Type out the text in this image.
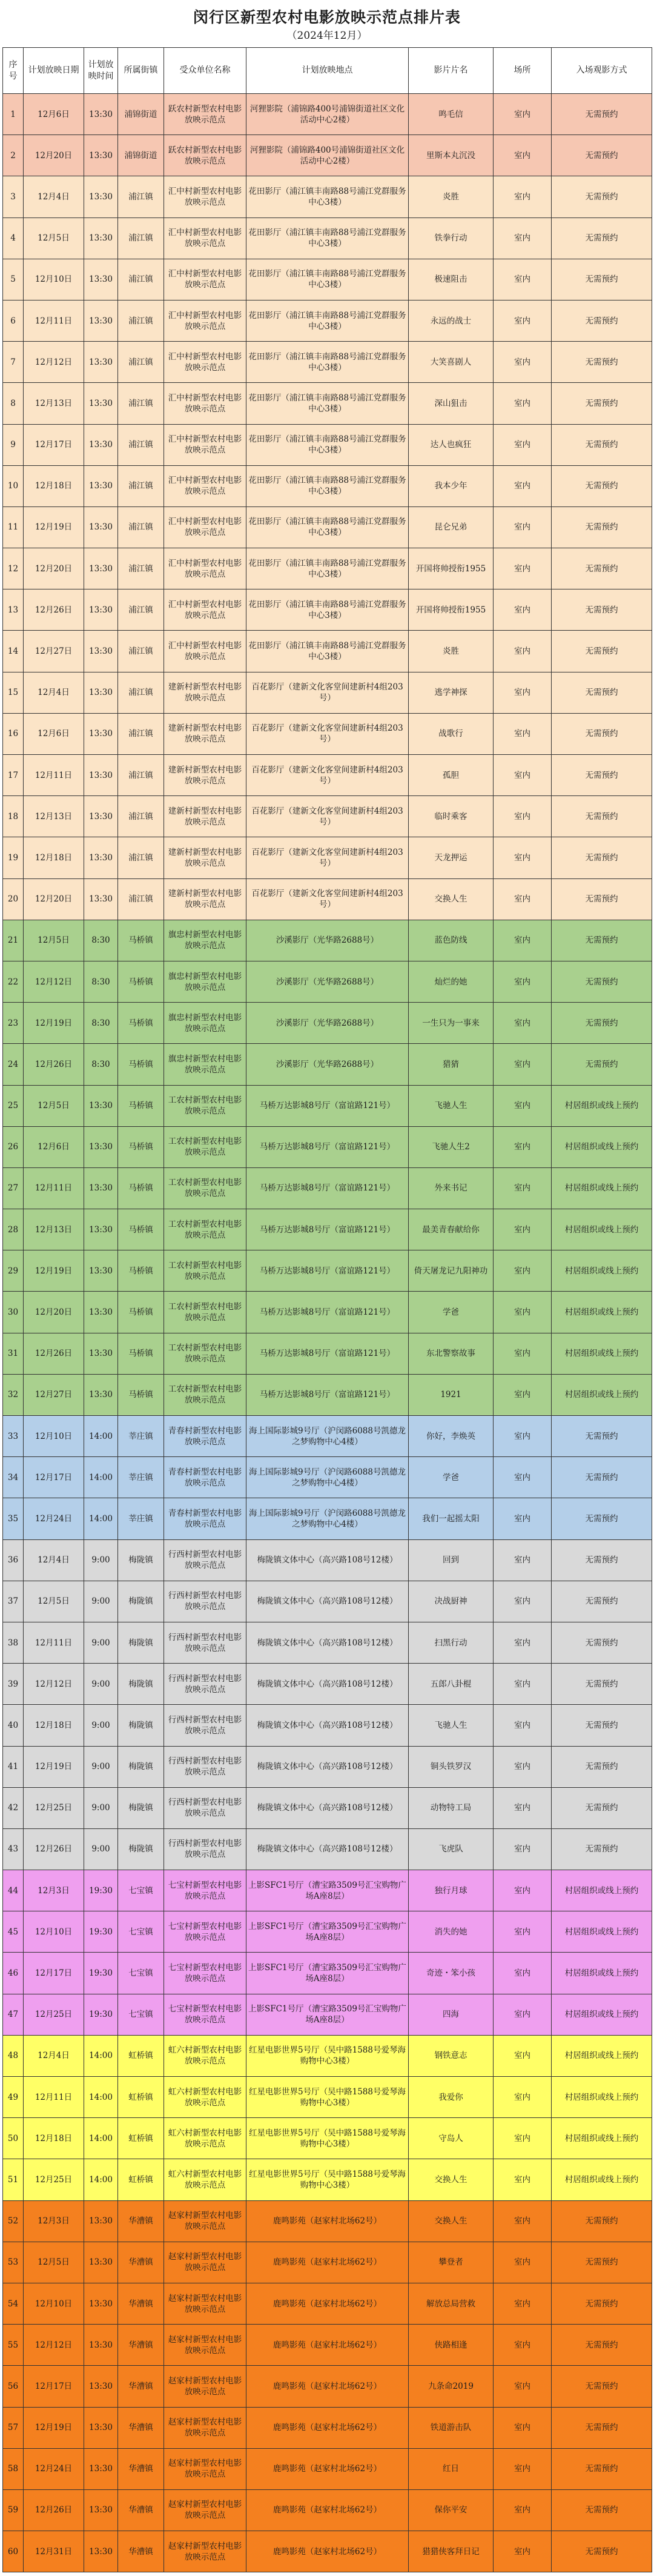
闵行区新型农村电影放映示范点排片表
（2024年12月）
序号	计划放映日期	计划放映时间	所属街镇	受众单位名称	计划放映地点	影片片名	场所	入场观影方式
1	12月6日	13:30	浦锦街道	跃农村新型农村电影放映示范点	河狸影院（浦锦路400号浦锦街道社区文化活动中心2楼）	鸣毛信	室内	无需预约
2	12月20日	13:30	浦锦街道	跃农村新型农村电影放映示范点	河狸影院（浦锦路400号浦锦街道社区文化活动中心2楼）	里斯本丸沉没	室内	无需预约
3	12月4日	13:30	浦江镇	汇中村新型农村电影放映示范点	花田影厅（浦江镇丰南路88号浦江党群服务中心3楼）	炎胜	室内	无需预约
4	12月5日	13:30	浦江镇	汇中村新型农村电影放映示范点	花田影厅（浦江镇丰南路88号浦江党群服务中心3楼）	铁拳行动	室内	无需预约
5	12月10日	13:30	浦江镇	汇中村新型农村电影放映示范点	花田影厅（浦江镇丰南路88号浦江党群服务中心3楼）	极速阻击	室内	无需预约
6	12月11日	13:30	浦江镇	汇中村新型农村电影放映示范点	花田影厅（浦江镇丰南路88号浦江党群服务中心3楼）	永远的战士	室内	无需预约
7	12月12日	13:30	浦江镇	汇中村新型农村电影放映示范点	花田影厅（浦江镇丰南路88号浦江党群服务中心3楼）	大笑喜剧人	室内	无需预约
8	12月13日	13:30	浦江镇	汇中村新型农村电影放映示范点	花田影厅（浦江镇丰南路88号浦江党群服务中心3楼）	深山狙击	室内	无需预约
9	12月17日	13:30	浦江镇	汇中村新型农村电影放映示范点	花田影厅（浦江镇丰南路88号浦江党群服务中心3楼）	达人也疯狂	室内	无需预约
10	12月18日	13:30	浦江镇	汇中村新型农村电影放映示范点	花田影厅（浦江镇丰南路88号浦江党群服务中心3楼）	我本少年	室内	无需预约
11	12月19日	13:30	浦江镇	汇中村新型农村电影放映示范点	花田影厅（浦江镇丰南路88号浦江党群服务中心3楼）	昆仑兄弟	室内	无需预约
12	12月20日	13:30	浦江镇	汇中村新型农村电影放映示范点	花田影厅（浦江镇丰南路88号浦江党群服务中心3楼）	开国将帅授衔1955	室内	无需预约
13	12月26日	13:30	浦江镇	汇中村新型农村电影放映示范点	花田影厅（浦江镇丰南路88号浦江党群服务中心3楼）	开国将帅授衔1955	室内	无需预约
14	12月27日	13:30	浦江镇	汇中村新型农村电影放映示范点	花田影厅（浦江镇丰南路88号浦江党群服务中心3楼）	炎胜	室内	无需预约
15	12月4日	13:30	浦江镇	建新村新型农村电影放映示范点	百花影厅（建新文化客堂间建新村4组203号）	逃学神探	室内	无需预约
16	12月6日	13:30	浦江镇	建新村新型农村电影放映示范点	百花影厅（建新文化客堂间建新村4组203号）	战歌行	室内	无需预约
17	12月11日	13:30	浦江镇	建新村新型农村电影放映示范点	百花影厅（建新文化客堂间建新村4组203号）	孤胆	室内	无需预约
18	12月13日	13:30	浦江镇	建新村新型农村电影放映示范点	百花影厅（建新文化客堂间建新村4组203号）	临时乘客	室内	无需预约
19	12月18日	13:30	浦江镇	建新村新型农村电影放映示范点	百花影厅（建新文化客堂间建新村4组203号）	天龙押运	室内	无需预约
20	12月20日	13:30	浦江镇	建新村新型农村电影放映示范点	百花影厅（建新文化客堂间建新村4组203号）	交换人生	室内	无需预约
21	12月5日	8:30	马桥镇	旗忠村新型农村电影放映示范点	沙溪影厅（光华路2688号）	蓝色防线	室内	无需预约
22	12月12日	8:30	马桥镇	旗忠村新型农村电影放映示范点	沙溪影厅（光华路2688号）	灿烂的她	室内	无需预约
23	12月19日	8:30	马桥镇	旗忠村新型农村电影放映示范点	沙溪影厅（光华路2688号）	一生只为一事来	室内	无需预约
24	12月26日	8:30	马桥镇	旗忠村新型农村电影放映示范点	沙溪影厅（光华路2688号）	猎猜	室内	无需预约
25	12月5日	13:30	马桥镇	工农村新型农村电影放映示范点	马桥万达影城8号厅（富谊路121号）	飞驰人生	室内	村居组织或线上预约
26	12月6日	13:30	马桥镇	工农村新型农村电影放映示范点	马桥万达影城8号厅（富谊路121号）	飞驰人生2	室内	村居组织或线上预约
27	12月11日	13:30	马桥镇	工农村新型农村电影放映示范点	马桥万达影城8号厅（富谊路121号）	外来书记	室内	村居组织或线上预约
28	12月13日	13:30	马桥镇	工农村新型农村电影放映示范点	马桥万达影城8号厅（富谊路121号）	最美青春献给你	室内	村居组织或线上预约
29	12月19日	13:30	马桥镇	工农村新型农村电影放映示范点	马桥万达影城8号厅（富谊路121号）	倚天屠龙记九阳神功	室内	村居组织或线上预约
30	12月20日	13:30	马桥镇	工农村新型农村电影放映示范点	马桥万达影城8号厅（富谊路121号）	学爸	室内	村居组织或线上预约
31	12月26日	13:30	马桥镇	工农村新型农村电影放映示范点	马桥万达影城8号厅（富谊路121号）	东北警察故事	室内	村居组织或线上预约
32	12月27日	13:30	马桥镇	工农村新型农村电影放映示范点	马桥万达影城8号厅（富谊路121号）	1921	室内	村居组织或线上预约
33	12月10日	14:00	莘庄镇	青春村新型农村电影放映示范点	海上国际影城9号厅（沪闵路6088号凯德龙之梦购物中心4楼）	你好，李焕英	室内	无需预约
34	12月17日	14:00	莘庄镇	青春村新型农村电影放映示范点	海上国际影城9号厅（沪闵路6088号凯德龙之梦购物中心4楼）	学爸	室内	无需预约
35	12月24日	14:00	莘庄镇	青春村新型农村电影放映示范点	海上国际影城9号厅（沪闵路6088号凯德龙之梦购物中心4楼）	我们一起摇太阳	室内	无需预约
36	12月4日	9:00	梅陇镇	行西村新型农村电影放映示范点	梅陇镇文体中心（高兴路108号12楼）	回到	室内	无需预约
37	12月5日	9:00	梅陇镇	行西村新型农村电影放映示范点	梅陇镇文体中心（高兴路108号12楼）	决战厨神	室内	无需预约
38	12月11日	9:00	梅陇镇	行西村新型农村电影放映示范点	梅陇镇文体中心（高兴路108号12楼）	扫黑行动	室内	无需预约
39	12月12日	9:00	梅陇镇	行西村新型农村电影放映示范点	梅陇镇文体中心（高兴路108号12楼）	五郎八卦棍	室内	无需预约
40	12月18日	9:00	梅陇镇	行西村新型农村电影放映示范点	梅陇镇文体中心（高兴路108号12楼）	飞驰人生	室内	无需预约
41	12月19日	9:00	梅陇镇	行西村新型农村电影放映示范点	梅陇镇文体中心（高兴路108号12楼）	铜头铁罗汉	室内	无需预约
42	12月25日	9:00	梅陇镇	行西村新型农村电影放映示范点	梅陇镇文体中心（高兴路108号12楼）	动物特工局	室内	无需预约
43	12月26日	9:00	梅陇镇	行西村新型农村电影放映示范点	梅陇镇文体中心（高兴路108号12楼）	飞虎队	室内	无需预约
44	12月3日	19:30	七宝镇	七宝村新型农村电影放映示范点	上影SFC1号厅（漕宝路3509号汇宝购物广场A座8层）	独行月球	室内	村居组织或线上预约
45	12月10日	19:30	七宝镇	七宝村新型农村电影放映示范点	上影SFC1号厅（漕宝路3509号汇宝购物广场A座8层）	消失的她	室内	村居组织或线上预约
46	12月17日	19:30	七宝镇	七宝村新型农村电影放映示范点	上影SFC1号厅（漕宝路3509号汇宝购物广场A座8层）	奇迹・笨小孩	室内	村居组织或线上预约
47	12月25日	19:30	七宝镇	七宝村新型农村电影放映示范点	上影SFC1号厅（漕宝路3509号汇宝购物广场A座8层）	四海	室内	村居组织或线上预约
48	12月4日	14:00	虹桥镇	虹六村新型农村电影放映示范点	红星电影世界5号厅（吴中路1588号爱琴海购物中心3楼）	钢铁意志	室内	村居组织或线上预约
49	12月11日	14:00	虹桥镇	虹六村新型农村电影放映示范点	红星电影世界5号厅（吴中路1588号爱琴海购物中心3楼）	我爱你	室内	村居组织或线上预约
50	12月18日	14:00	虹桥镇	虹六村新型农村电影放映示范点	红星电影世界5号厅（吴中路1588号爱琴海购物中心3楼）	守岛人	室内	村居组织或线上预约
51	12月25日	14:00	虹桥镇	虹六村新型农村电影放映示范点	红星电影世界5号厅（吴中路1588号爱琴海购物中心3楼）	交换人生	室内	村居组织或线上预约
52	12月3日	13:30	华漕镇	赵家村新型农村电影放映示范点	鹿鸣影苑（赵家村北场62号）	交换人生	室内	无需预约
53	12月5日	13:30	华漕镇	赵家村新型农村电影放映示范点	鹿鸣影苑（赵家村北场62号）	攀登者	室内	无需预约
54	12月10日	13:30	华漕镇	赵家村新型农村电影放映示范点	鹿鸣影苑（赵家村北场62号）	解放总局营救	室内	无需预约
55	12月12日	13:30	华漕镇	赵家村新型农村电影放映示范点	鹿鸣影苑（赵家村北场62号）	侠路相逢	室内	无需预约
56	12月17日	13:30	华漕镇	赵家村新型农村电影放映示范点	鹿鸣影苑（赵家村北场62号）	九条命2019	室内	无需预约
57	12月19日	13:30	华漕镇	赵家村新型农村电影放映示范点	鹿鸣影苑（赵家村北场62号）	铁道游击队	室内	无需预约
58	12月24日	13:30	华漕镇	赵家村新型农村电影放映示范点	鹿鸣影苑（赵家村北场62号）	红日	室内	无需预约
59	12月26日	13:30	华漕镇	赵家村新型农村电影放映示范点	鹿鸣影苑（赵家村北场62号）	保你平安	室内	无需预约
60	12月31日	13:30	华漕镇	赵家村新型农村电影放映示范点	鹿鸣影苑（赵家村北场62号）	猎猎侠客拜日记	室内	无需预约
